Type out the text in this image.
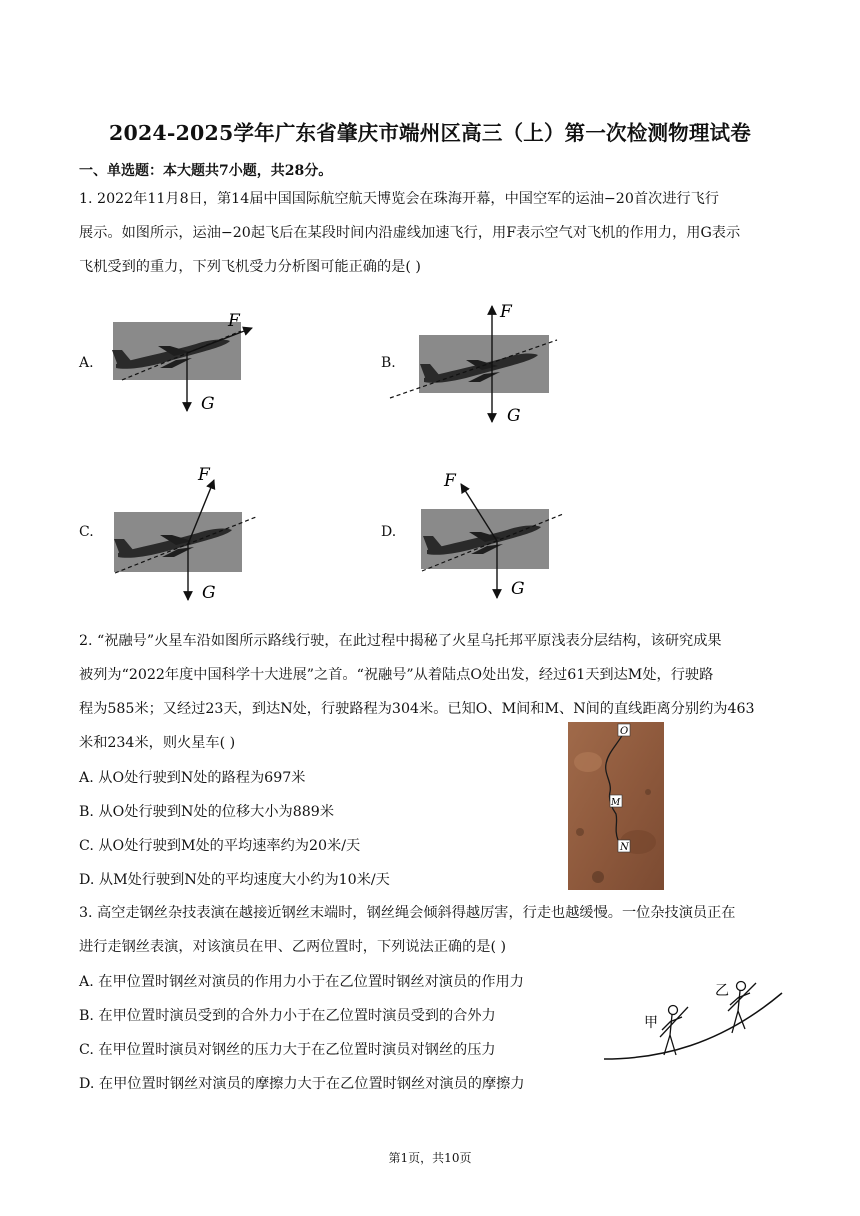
2024-2025学年广东省肇庆市端州区高三（上）第一次检测物理试卷
一、单选题：本大题共7小题，共28分。
1. 2022年11月8日，第14届中国国际航空航天博览会在珠海开幕，中国空军的运油−20首次进行飞行
展示。如图所示，运油−20起飞后在某段时间内沿虚线加速飞行，用F表示空气对飞机的作用力，用G表示
飞机受到的重力，下列飞机受力分析图可能正确的是( )
A.	B.
C.	D.
F
G
F
G
F
G
F
G
2. “祝融号”火星车沿如图所示路线行驶，在此过程中揭秘了火星乌托邦平原浅表分层结构，该研究成果
被列为“2022年度中国科学十大进展”之首。“祝融号”从着陆点O处出发，经过61天到达M处，行驶路
程为585米；又经过23天，到达N处，行驶路程为304米。已知O、M间和M、N间的直线距离分别约为463
米和234米，则火星车( )
A. 从O处行驶到N处的路程为697米
B. 从O处行驶到N处的位移大小为889米
C. 从O处行驶到M处的平均速率约为20米/天
D. 从M处行驶到N处的平均速度大小约为10米/天
O
M
N
3. 高空走钢丝杂技表演在越接近钢丝末端时，钢丝绳会倾斜得越厉害，行走也越缓慢。一位杂技演员正在
进行走钢丝表演，对该演员在甲、乙两位置时，下列说法正确的是( )
A. 在甲位置时钢丝对演员的作用力小于在乙位置时钢丝对演员的作用力
B. 在甲位置时演员受到的合外力小于在乙位置时演员受到的合外力
C. 在甲位置时演员对钢丝的压力大于在乙位置时演员对钢丝的压力
D. 在甲位置时钢丝对演员的摩擦力大于在乙位置时钢丝对演员的摩擦力
甲
乙
第1页，共10页
